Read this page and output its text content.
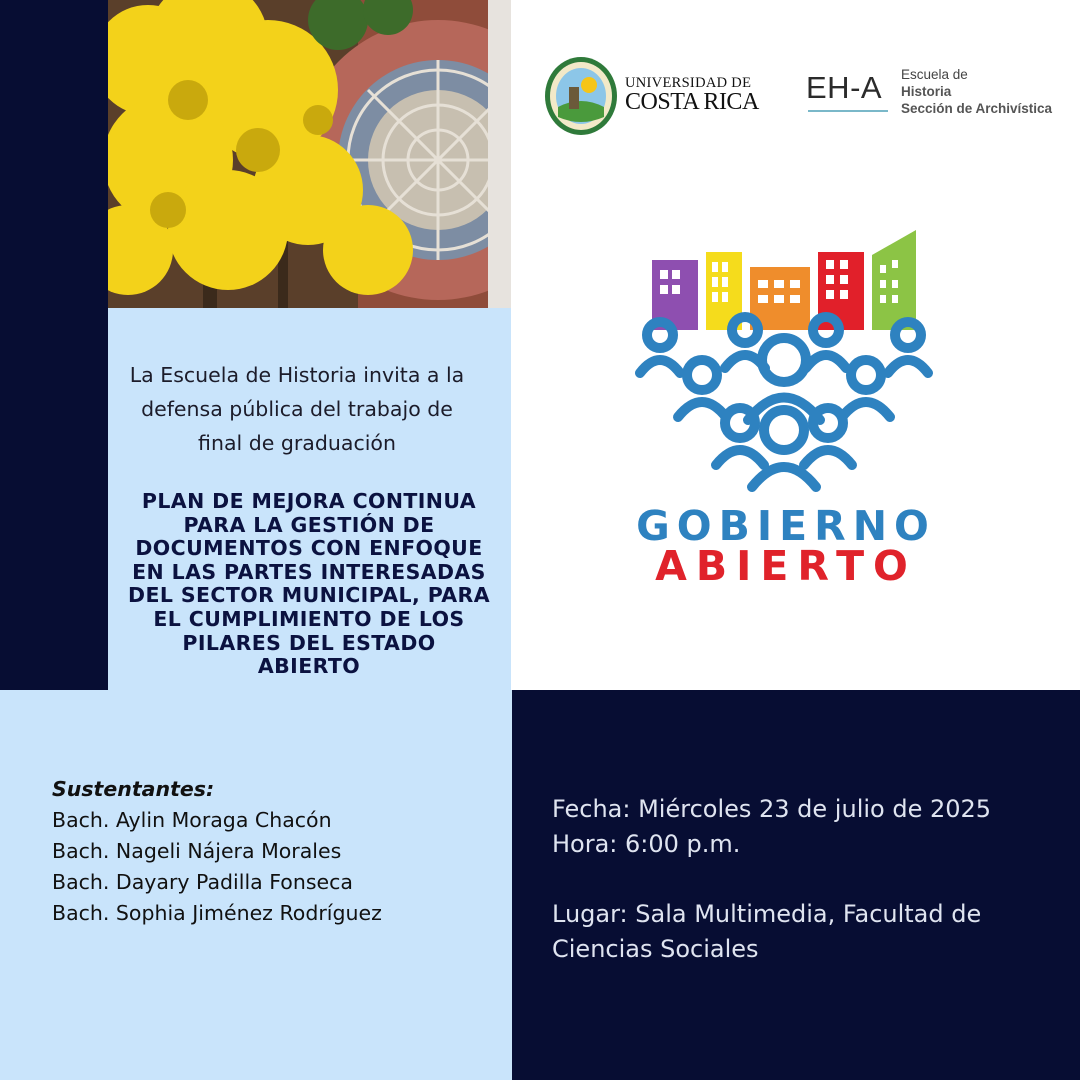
La Escuela de Historia invita a la
defensa pública del trabajo de
final de graduación
PLAN DE MEJORA CONTINUA
PARA LA GESTIÓN DE
DOCUMENTOS CON ENFOQUE
EN LAS PARTES INTERESADAS
DEL SECTOR MUNICIPAL, PARA
EL CUMPLIMIENTO DE LOS
PILARES DEL ESTADO ABIERTO
Sustentantes:
Bach. Aylin Moraga Chacón
Bach. Nageli Nájera Morales
Bach. Dayary Padilla Fonseca
Bach. Sophia Jiménez Rodríguez
Fecha: Miércoles 23 de julio de 2025
Hora: 6:00 p.m.
Lugar: Sala Multimedia, Facultad de
Ciencias Sociales
UNIVERSIDAD DE
COSTA RICA EH-A Escuela de
Historia
Sección de Archivística
GOBIERNO
ABIERTO
